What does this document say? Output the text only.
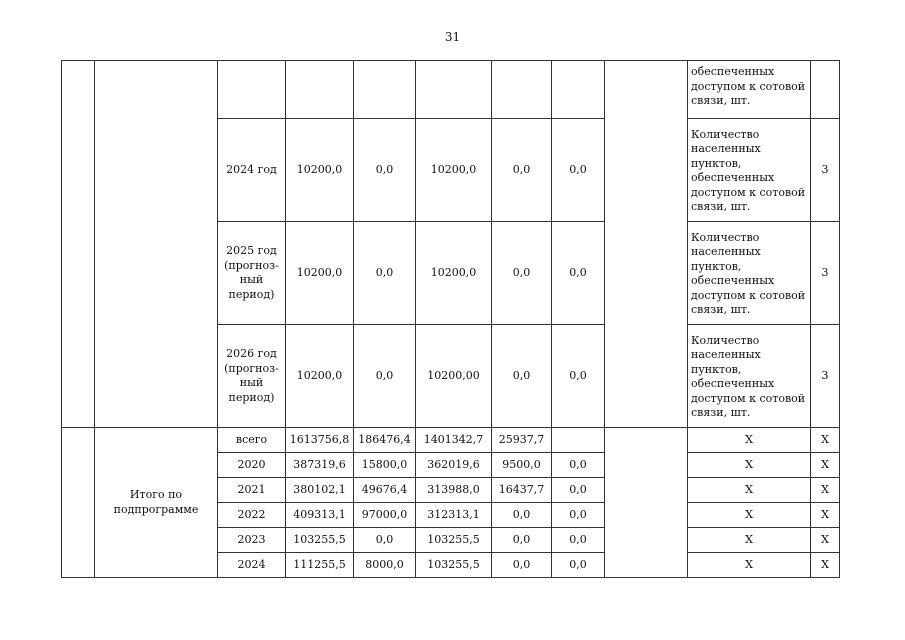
31
									обеспеченных доступом к сотовой связи, шт.	
		2024 год	10200,0	0,0	10200,0	0,0	0,0		Количество населенных пунктов, обеспеченных доступом к сотовой связи, шт.	3
		2025 год (прогноз-ный период)	10200,0	0,0	10200,0	0,0	0,0		Количество населенных пунктов, обеспеченных доступом к сотовой связи, шт.	3
		2026 год (прогноз-ный период)	10200,0	0,0	10200,00	0,0	0,0		Количество населенных пунктов, обеспеченных доступом к сотовой связи, шт.	3
	Итого по подпрограмме	всего	1613756,8	186476,4	1401342,7	25937,7			Х	Х
		2020	387319,6	15800,0	362019,6	9500,0	0,0		Х	Х
		2021	380102,1	49676,4	313988,0	16437,7	0,0		Х	Х
		2022	409313,1	97000,0	312313,1	0,0	0,0		Х	Х
		2023	103255,5	0,0	103255,5	0,0	0,0		Х	Х
		2024	111255,5	8000,0	103255,5	0,0	0,0		Х	Х
